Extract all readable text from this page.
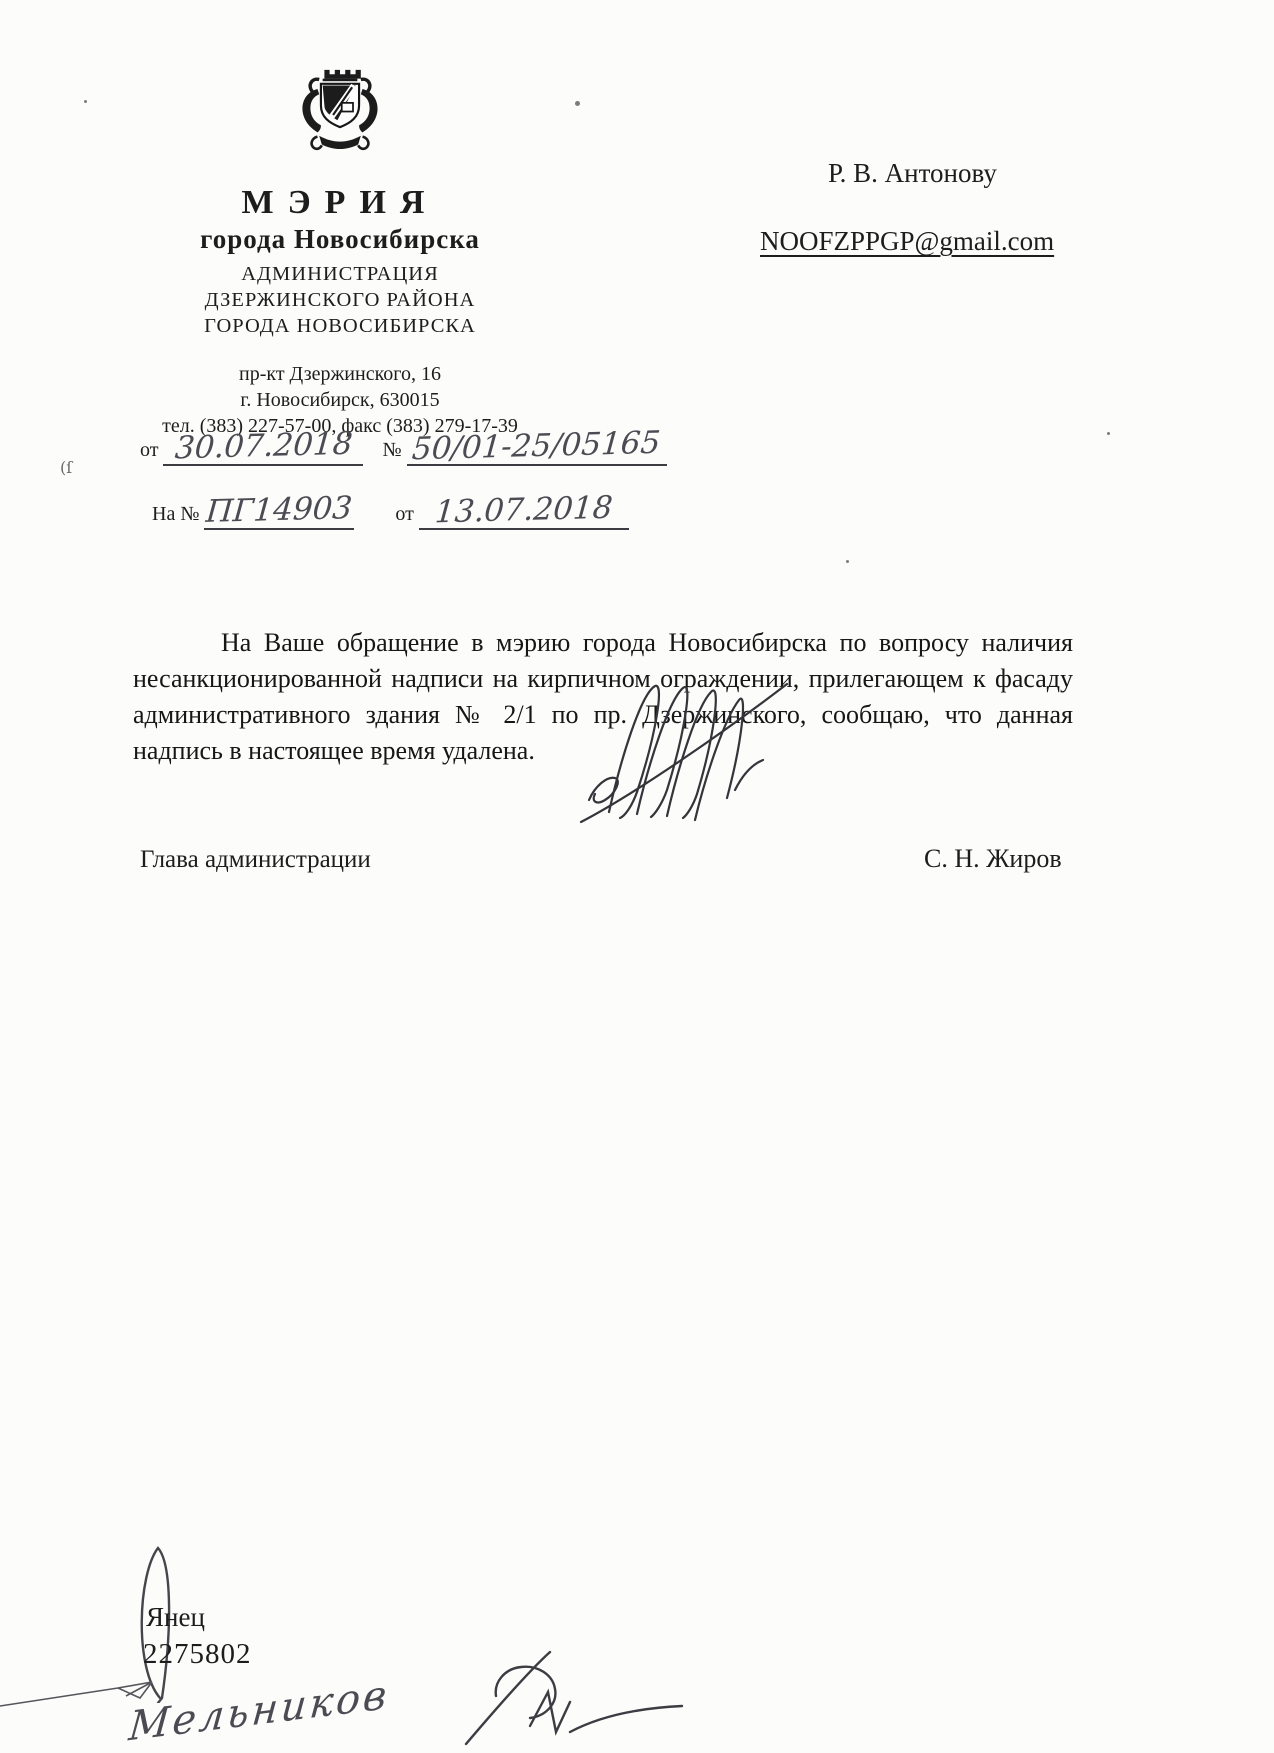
МЭРИЯ
города Новосибирска
АДМИНИСТРАЦИЯ
ДЗЕРЖИНСКОГО РАЙОНА
ГОРОДА НОВОСИБИРСКА
пр-кт Дзержинского, 16
г. Новосибирск, 630015
тел. (383) 227-57-00, факс (383) 279-17-39
от 30.07.2018 № 50/01-25/05165
На № ПГ14903 от 13.07.2018
Р. В. Антонову
NOOFZPPGP@gmail.com
На Ваше обращение в мэрию города Новосибирска по вопросу наличия несанкционированной надписи на кирпичном ограждении, прилегающем к фасаду административного здания № 2/1 по пр. Дзержинского, сообщаю, что данная надпись в настоящее время удалена.
Глава администрации	С. Н. Жиров
Янец
2275802
Мельников
(ſ
